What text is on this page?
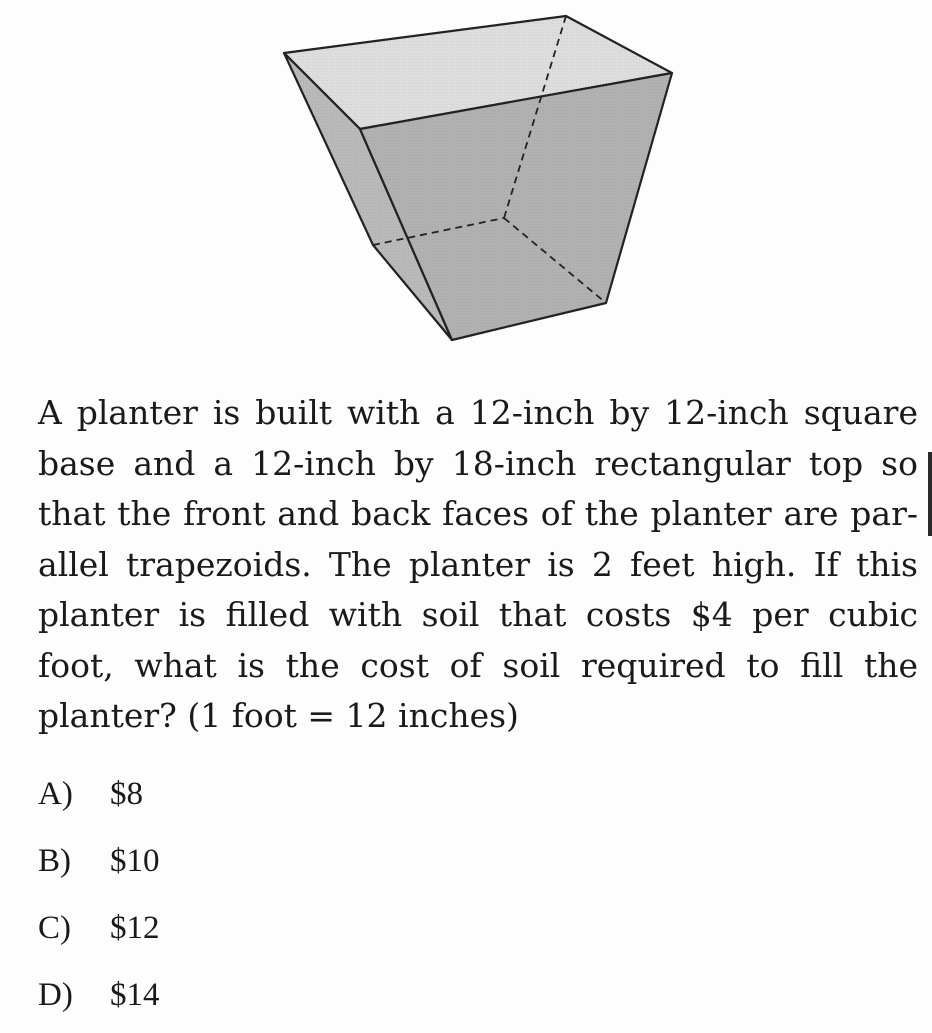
A planter is built with a 12-inch by 12-inch square base and a 12-inch by 18-inch rectangular top so that the front and back faces of the planter are par-allel trapezoids. The planter is 2 feet high. If this planter is filled with soil that costs $4 per cubic foot, what is the cost of soil required to fill the planter? (1 foot = 12 inches)

A)	$8
B)	$10
C)	$12
D)	$14
